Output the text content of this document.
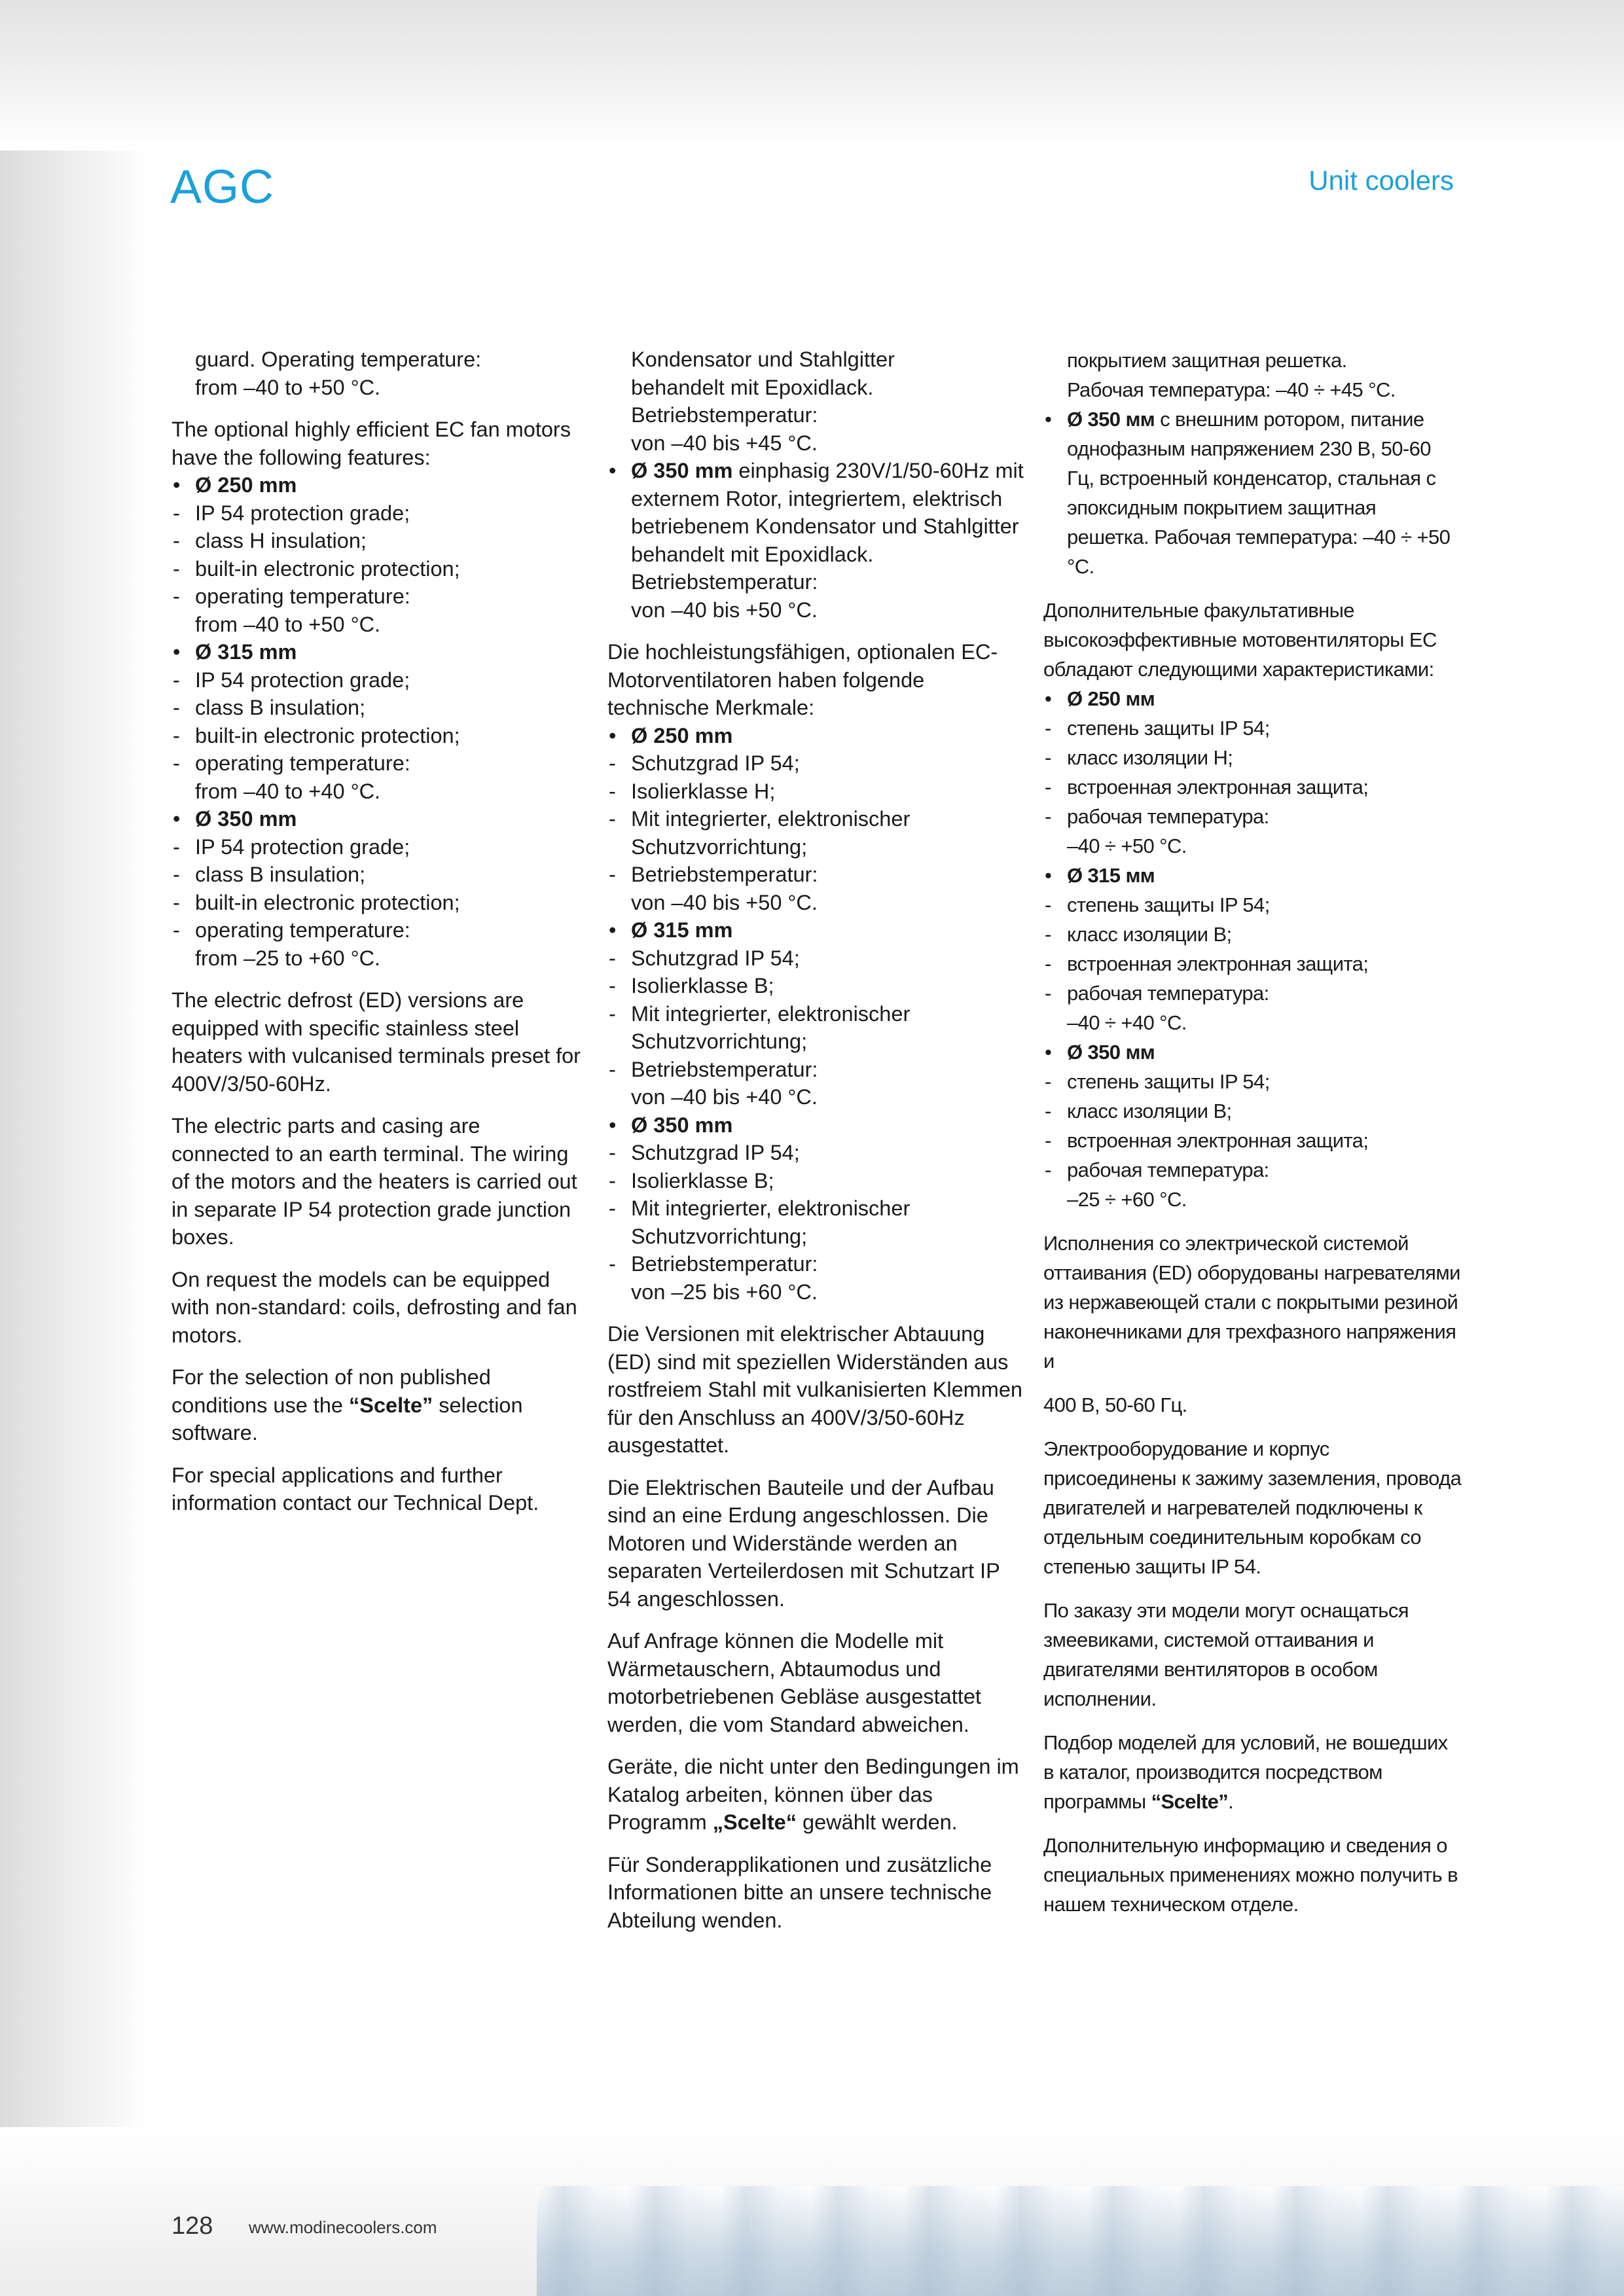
AGC	Unit coolers

guard. Operating temperature:
from –40 to +50 °C.

The optional highly efficient EC fan motors have the following features:

• Ø 250 mm
- IP 54 protection grade;
- class H insulation;
- built-in electronic protection;
- operating temperature:
from –40 to +50 °C.
• Ø 315 mm
- IP 54 protection grade;
- class B insulation;
- built-in electronic protection;
- operating temperature:
from –40 to +40 °C.
• Ø 350 mm
- IP 54 protection grade;
- class B insulation;
- built-in electronic protection;
- operating temperature:
from –25 to +60 °C.

The electric defrost (ED) versions are equipped with specific stainless steel heaters with vulcanised terminals preset for 400V/3/50-60Hz.

The electric parts and casing are connected to an earth terminal. The wiring of the motors and the heaters is carried out in separate IP 54 protection grade junction boxes.

On request the models can be equipped with non-standard: coils, defrosting and fan motors.

For the selection of non published conditions use the “Scelte” selection software.

For special applications and further information contact our Technical Dept.

Kondensator und Stahlgitter
behandelt mit Epoxidlack.
Betriebstemperatur:
von –40 bis +45 °C.

• Ø 350 mm einphasig 230V/1/50-60Hz mit externem Rotor, integriertem, elektrisch betriebenem Kondensator und Stahlgitter behandelt mit Epoxidlack.
Betriebstemperatur:
von –40 bis +50 °C.

Die hochleistungsfähigen, optionalen EC-Motorventilatoren haben folgende technische Merkmale:

• Ø 250 mm
- Schutzgrad IP 54;
- Isolierklasse H;
- Mit integrierter, elektronischer Schutzvorrichtung;
- Betriebstemperatur:
von –40 bis +50 °C.
• Ø 315 mm
- Schutzgrad IP 54;
- Isolierklasse B;
- Mit integrierter, elektronischer Schutzvorrichtung;
- Betriebstemperatur:
von –40 bis +40 °C.
• Ø 350 mm
- Schutzgrad IP 54;
- Isolierklasse B;
- Mit integrierter, elektronischer Schutzvorrichtung;
- Betriebstemperatur:
von –25 bis +60 °C.

Die Versionen mit elektrischer Abtauung (ED) sind mit speziellen Widerständen aus rostfreiem Stahl mit vulkanisierten Klemmen für den Anschluss an 400V/3/50-60Hz ausgestattet.

Die Elektrischen Bauteile und der Aufbau sind an eine Erdung angeschlossen. Die Motoren und Widerstände werden an separaten Verteilerdosen mit Schutzart IP 54 angeschlossen.

Auf Anfrage können die Modelle mit Wärmetauschern, Abtaumodus und motorbetriebenen Gebläse ausgestattet werden, die vom Standard abweichen.

Geräte, die nicht unter den Bedingungen im Katalog arbeiten, können über das Programm „Scelte“ gewählt werden.

Für Sonderapplikationen und zusätzliche Informationen bitte an unsere technische Abteilung wenden.

покрытием защитная решетка.
Рабочая температура: –40 ÷ +45 °C.

• Ø 350 мм с внешним ротором, питание однофазным напряжением 230 В, 50-60 Гц, встроенный конденсатор, стальная с эпоксидным покрытием защитная решетка. Рабочая температура: –40 ÷ +50 °C.

Дополнительные факультативные высокоэффективные мотовентиляторы EC обладают следующими характеристиками:

• Ø 250 мм
- степень защиты IP 54;
- класс изоляции H;
- встроенная электронная защита;
- рабочая температура:
–40 ÷ +50 °C.
• Ø 315 мм
- степень защиты IP 54;
- класс изоляции B;
- встроенная электронная защита;
- рабочая температура:
–40 ÷ +40 °C.
• Ø 350 мм
- степень защиты IP 54;
- класс изоляции B;
- встроенная электронная защита;
- рабочая температура:
–25 ÷ +60 °C.

Исполнения со электрической системой оттаивания (ED) оборудованы нагревателями из нержавеющей стали с покрытыми резиной наконечниками для трехфазного напряжения и

400 В, 50-60 Гц.

Электрооборудование и корпус присоединены к зажиму заземления, провода двигателей и нагревателей подключены к отдельным соединительным коробкам со степенью защиты IP 54.

По заказу эти модели могут оснащаться змеевиками, системой оттаивания и двигателями вентиляторов в особом исполнении.

Подбор моделей для условий, не вошедших в каталог, производится посредством программы “Scelte”.

Дополнительную информацию и сведения о специальных применениях можно получить в нашем техническом отделе.

128 www.modinecoolers.com
